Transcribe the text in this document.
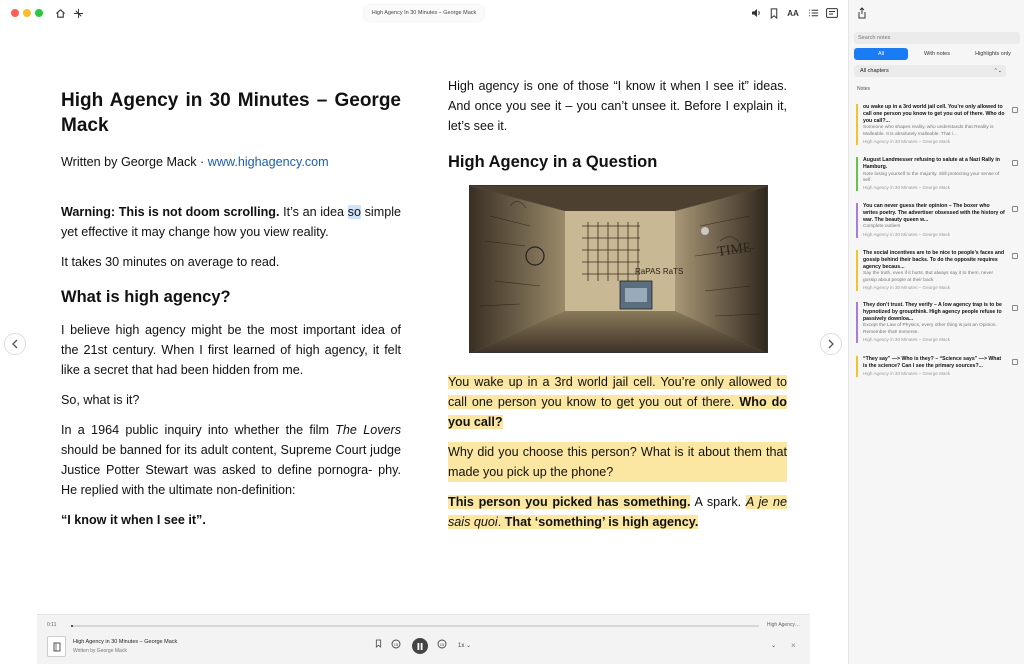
High Agency In 30 Minutes – George Mack	AA
High Agency in 30 Minutes – George Mack
Written by George Mack · www.highagency.com
Warning: This is not doom scrolling. It’s an idea so simple yet effective it may change how you view reality.
It takes 30 minutes on average to read.
What is high agency?
I believe high agency might be the most important idea of the 21st century. When I first learned of high agency, it felt like a secret that had been hidden from me.
So, what is it?
In a 1964 public inquiry into whether the film The Lovers should be banned for its adult content, Supreme Court judge Justice Potter Stewart was asked to define pornogra- phy. He replied with the ultimate non-definition:
“I know it when I see it”.
High agency is one of those “I know it when I see it” ideas. And once you see it – you can’t unsee it. Before I explain it, let’s see it.
High Agency in a Question
TIME
RaPAS RaTS
You wake up in a 3rd world jail cell. You’re only allowed to call one person you know to get you out of there. Who do you call?
Why did you choose this person? What is it about them that made you pick up the phone?
This person you picked has something. A spark. A je ne sais quoi. That ‘something’ is high agency.
0:11	High Agency…
High Agency in 30 Minutes – George Mack
Written by George Mack
15	15 1x ⌄	⌄ ×
Search notes
All	With notes	Highlights only
All chapters	⌃⌄
Notes
ou wake up in a 3rd world jail cell. You’re only allowed to call one person you know to get you out of there. Who do you call?...
Someone who shapes reality, who understands that Reality is Malleable. It is absolutely malleable. That i...
High Agency in 30 Minutes – George Mack
August Landmesser refusing to salute at a Nazi Rally in Hamburg.
Note losing yourself to the majority. Still protecting your sense of self.
High Agency in 30 Minutes – George Mack
You can never guess their opinion – The boxer who writes poetry. The advertiser obsessed with the history of war. The beauty queen w...
Complete outliers
High Agency in 30 Minutes – George Mack
The social incentives are to be nice to people’s faces and gossip behind their backs. To do the opposite requires agency becaus...
Say the truth, even if it hurts. But always say it to them, never gossip about people at their back
High Agency in 30 Minutes – George Mack
They don’t trust. They verify – A low agency trap is to be hypnotized by groupthink. High agency people refuse to passively downloa...
Except the Law of Physics, every other thing is just an Opinion. Remember that! Immerse.
High Agency in 30 Minutes – George Mack
“They say” —> Who is they? – “Science says” —> What is the science? Can I see the primary sources?...
High Agency in 30 Minutes – George Mack
